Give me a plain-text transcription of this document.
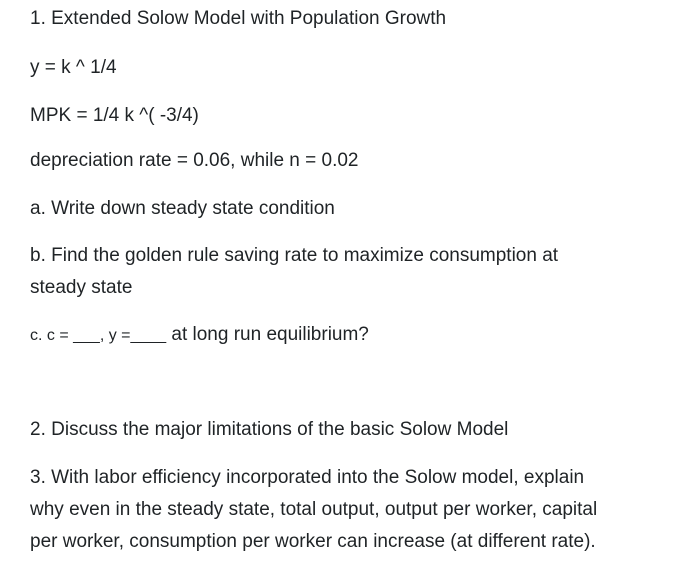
1. Extended Solow Model with Population Growth
y = k ^ 1/4
MPK = 1/4 k ^( -3/4)
depreciation rate = 0.06, while n = 0.02
a. Write down steady state condition
b. Find the golden rule saving rate to maximize consumption at
steady state
c. c = ___, y =____ at long run equilibrium?
2. Discuss the major limitations of the basic Solow Model
3. With labor efficiency incorporated into the Solow model, explain
why even in the steady state, total output, output per worker, capital
per worker, consumption per worker can increase (at different rate).
